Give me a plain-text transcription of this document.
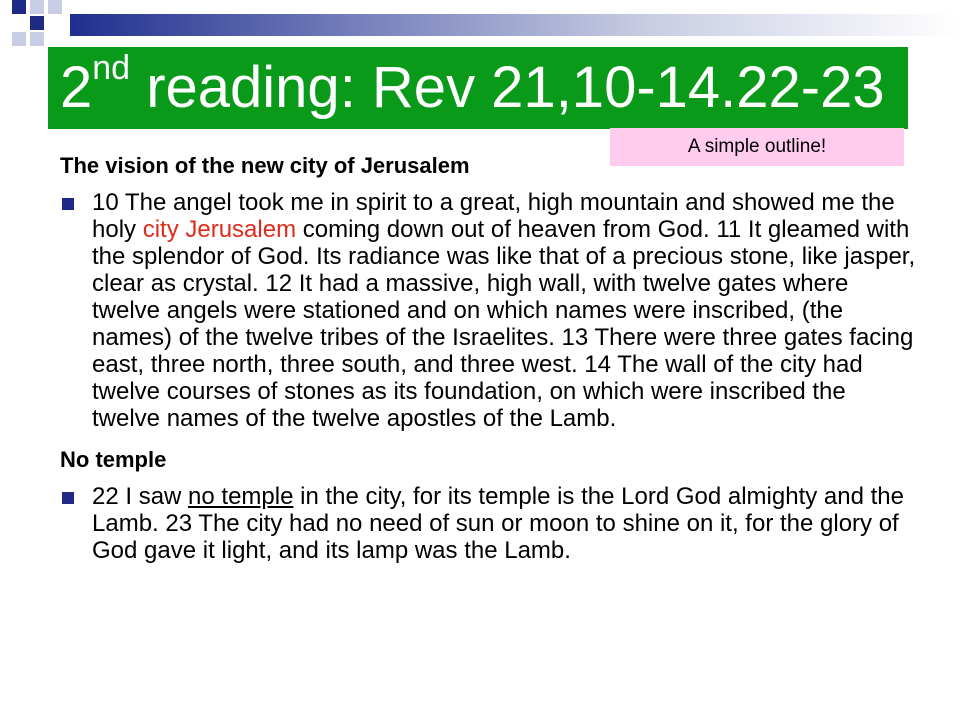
2nd reading: Rev 21,10-14.22-23
A simple outline!
The vision of the new city of Jerusalem
10 The angel took me in spirit to a great, high mountain and showed me the holy city Jerusalem coming down out of heaven from God. 11 It gleamed with the splendor of God. Its radiance was like that of a precious stone, like jasper, clear as crystal. 12 It had a massive, high wall, with twelve gates where twelve angels were stationed and on which names were inscribed, (the names) of the twelve tribes of the Israelites. 13 There were three gates facing east, three north, three south, and three west. 14 The wall of the city had twelve courses of stones as its foundation, on which were inscribed the twelve names of the twelve apostles of the Lamb.
No temple
22 I saw no temple in the city, for its temple is the Lord God almighty and the Lamb. 23 The city had no need of sun or moon to shine on it, for the glory of God gave it light, and its lamp was the Lamb.
